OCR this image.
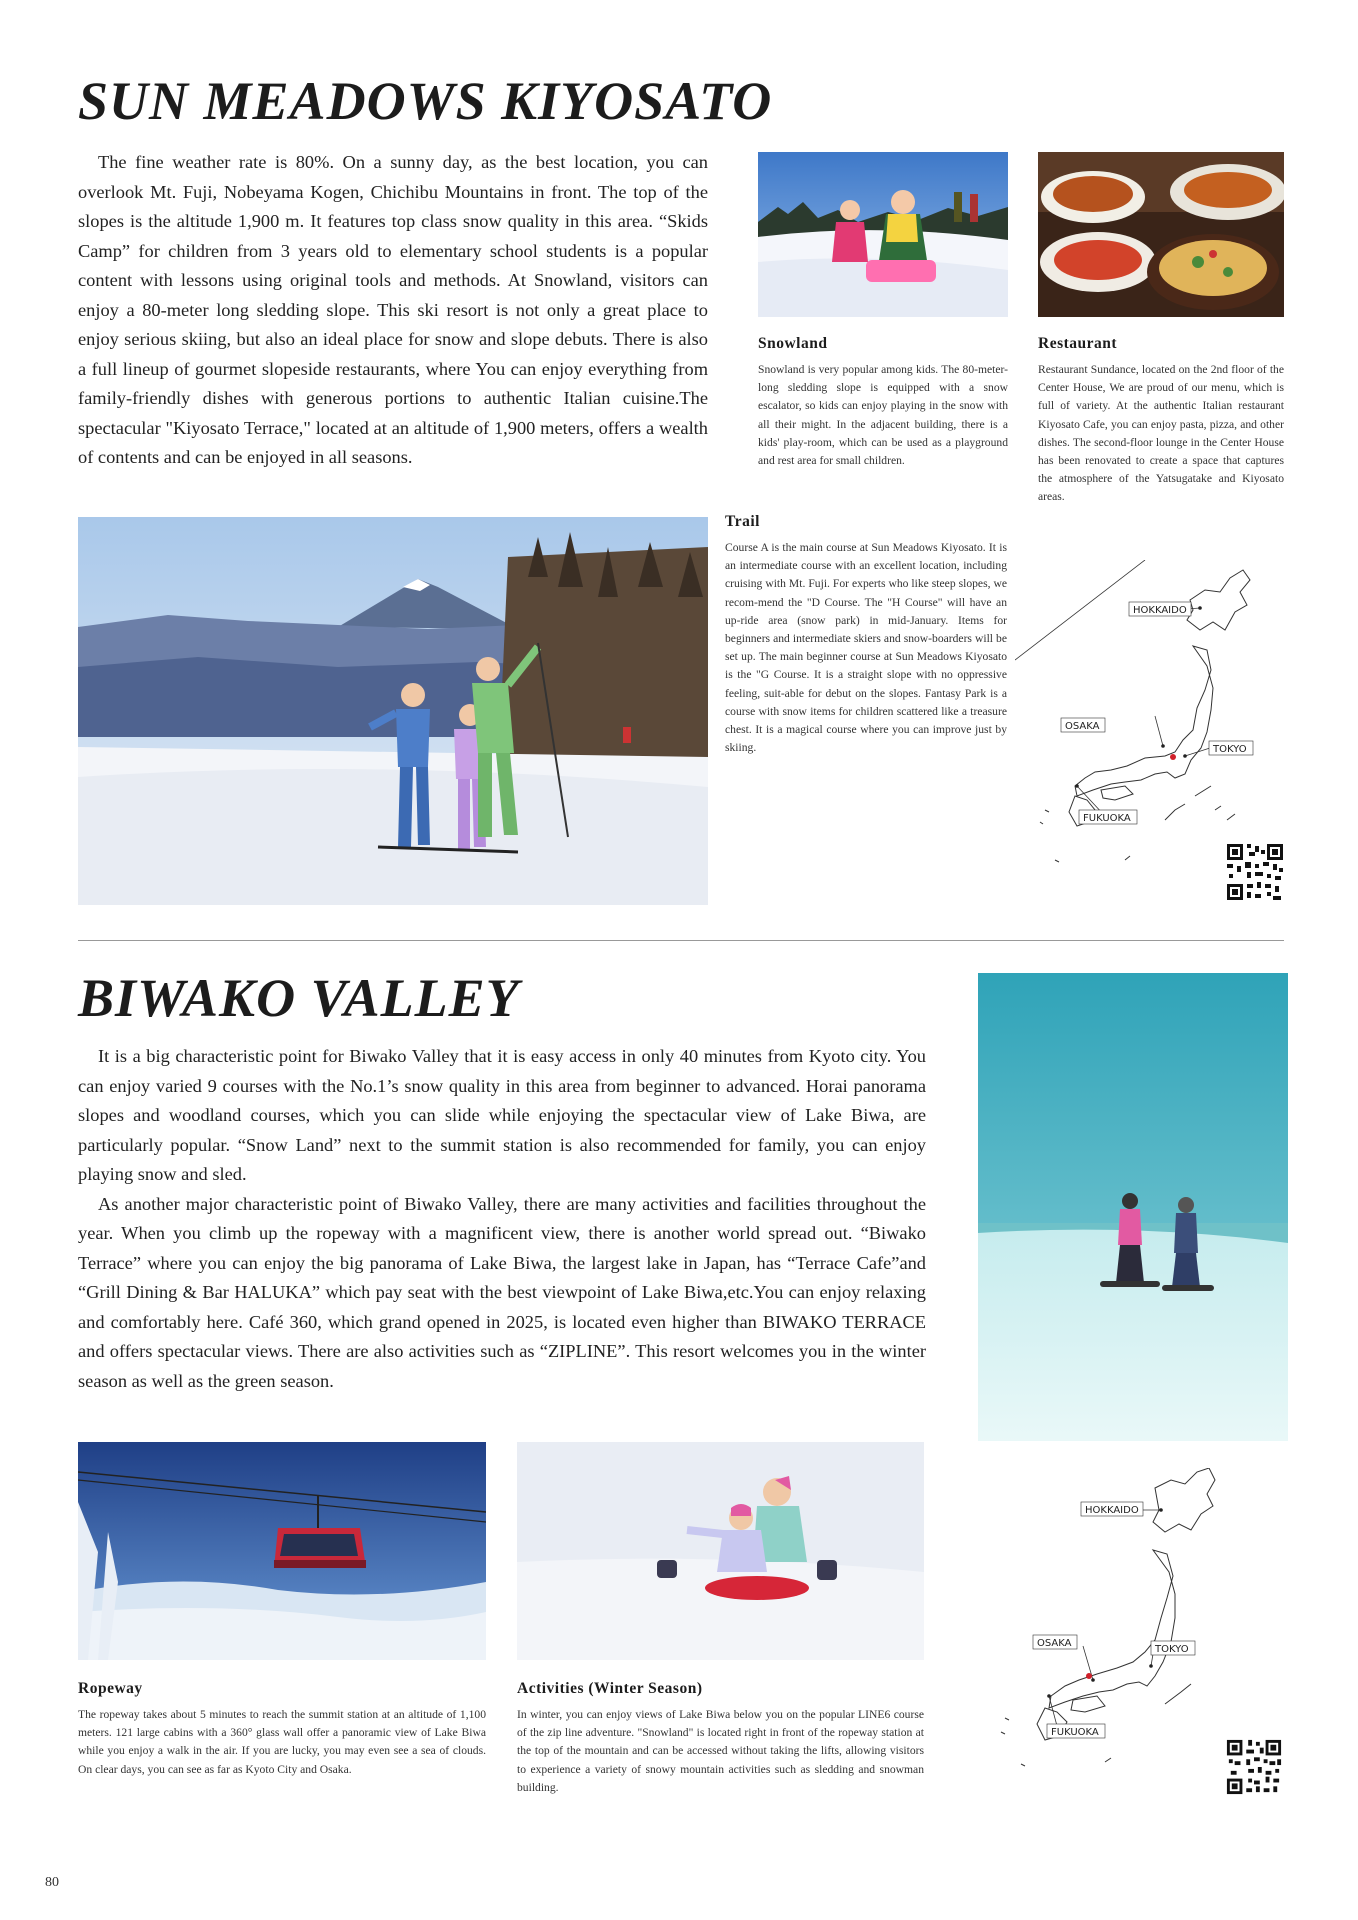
SUN MEADOWS KIYOSATO

The fine weather rate is 80%. On a sunny day, as the best location, you can overlook Mt. Fuji, Nobeyama Kogen, Chichibu Mountains in front. The top of the slopes is the altitude 1,900 m. It features top class snow quality in this area. “Skids Camp” for children from 3 years old to elementary school students is a popular content with lessons using original tools and methods. At Snowland, visitors can enjoy a 80-meter long sledding slope. This ski resort is not only a great place to enjoy serious skiing, but also an ideal place for snow and slope debuts. There is also a full lineup of gourmet slopeside restaurants, where You can enjoy everything from family-friendly dishes with generous portions to authentic Italian cuisine.The spectacular "Kiyosato Terrace," located at an altitude of 1,900 meters, offers a wealth of contents and can be enjoyed in all seasons.

Snowland

Snowland is very popular among kids. The 80-meter-long sledding slope is equipped with a snow escalator, so kids can enjoy playing in the snow with all their might. In the adjacent building, there is a kids' play-room, which can be used as a playground and rest area for small children.

Restaurant

Restaurant Sundance, located on the 2nd floor of the Center House, We are proud of our menu, which is full of variety. At the authentic Italian restaurant Kiyosato Cafe, you can enjoy pasta, pizza, and other dishes. The second-floor lounge in the Center House has been renovated to create a space that captures the atmosphere of the Yatsugatake and Kiyosato areas.

Trail

Course A is the main course at Sun Meadows Kiyosato. It is an intermediate course with an excellent location, including cruising with Mt. Fuji. For experts who like steep slopes, we recom-mend the "D Course. The "H Course" will have an up-ride area (snow park) in mid-January. Items for beginners and intermediate skiers and snow-boarders will be set up. The main beginner course at Sun Meadows Kiyosato is the "G Course. It is a straight slope with no oppressive feeling, suit-able for debut on the slopes. Fantasy Park is a course with snow items for children scattered like a treasure chest. It is a magical course where you can improve just by skiing.

HOKKAIDO
OSAKA
TOKYO
FUKUOKA
BIWAKO VALLEY

It is a big characteristic point for Biwako Valley that it is easy access in only 40 minutes from Kyoto city. You can enjoy varied 9 courses with the No.1’s snow quality in this area from beginner to advanced. Horai panorama slopes and woodland courses, which you can slide while enjoying the spectacular view of Lake Biwa, are particularly popular. “Snow Land” next to the summit station is also recommended for family, you can enjoy playing snow and sled.

As another major characteristic point of Biwako Valley, there are many activities and facilities throughout the year. When you climb up the ropeway with a magnificent view, there is another world spread out. “Biwako Terrace” where you can enjoy the big panorama of Lake Biwa, the largest lake in Japan, has “Terrace Cafe”and “Grill Dining & Bar HALUKA” which pay seat with the best viewpoint of Lake Biwa,etc.You can enjoy relaxing and comfortably here. Café 360, which grand opened in 2025, is located even higher than BIWAKO TERRACE and offers spectacular views. There are also activities such as “ZIPLINE”. This resort welcomes you in the winter season as well as the green season.

Ropeway

The ropeway takes about 5 minutes to reach the summit station at an altitude of 1,100 meters. 121 large cabins with a 360° glass wall offer a panoramic view of Lake Biwa while you enjoy a walk in the air. If you are lucky, you may even see a sea of clouds. On clear days, you can see as far as Kyoto City and Osaka.

Activities (Winter Season)

In winter, you can enjoy views of Lake Biwa below you on the popular LINE6 course of the zip line adventure. "Snowland" is located right in front of the ropeway station at the top of the mountain and can be accessed without taking the lifts, allowing visitors to experience a variety of snowy mountain activities such as sledding and snowman building.

HOKKAIDO
OSAKA
TOKYO
FUKUOKA
80
